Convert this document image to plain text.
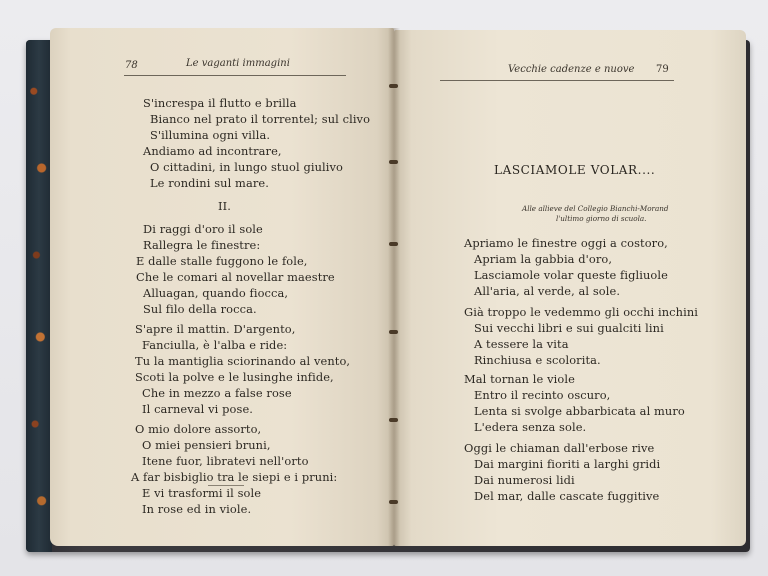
78	Le vaganti immagini
S'increspa il flutto e brilla
Bianco nel prato il torrentel; sul clivo
S'illumina ogni villa.
Andiamo ad incontrare,
O cittadini, in lungo stuol giulivo
Le rondini sul mare.
II.
Di raggi d'oro il sole
Rallegra le finestre:
E dalle stalle fuggono le fole,
Che le comari al novellar maestre
Alluagan, quando fiocca,
Sul filo della rocca.
S'apre il mattin. D'argento,
Fanciulla, è l'alba e ride:
Tu la mantiglia sciorinando al vento,
Scoti la polve e le lusinghe infide,
Che in mezzo a false rose
Il carneval vi pose.
O mio dolore assorto,
O miei pensieri bruni,
Itene fuor, libratevi nell'orto
A far bisbiglio tra le siepi e i pruni:
E vi trasformi il sole
In rose ed in viole.
Vecchie cadenze e nuove 79
LASCIAMOLE VOLAR....
Alle allieve del Collegio Bianchi-Morand
l'ultimo giorno di scuola.
Apriamo le finestre oggi a costoro,
Apriam la gabbia d'oro,
Lasciamole volar queste figliuole
All'aria, al verde, al sole.
Già troppo le vedemmo gli occhi inchini
Sui vecchi libri e sui gualciti lini
A tessere la vita
Rinchiusa e scolorita.
Mal tornan le viole
Entro il recinto oscuro,
Lenta si svolge abbarbicata al muro
L'edera senza sole.
Oggi le chiaman dall'erbose rive
Dai margini fioriti a larghi gridi
Dai numerosi lidi
Del mar, dalle cascate fuggitive
